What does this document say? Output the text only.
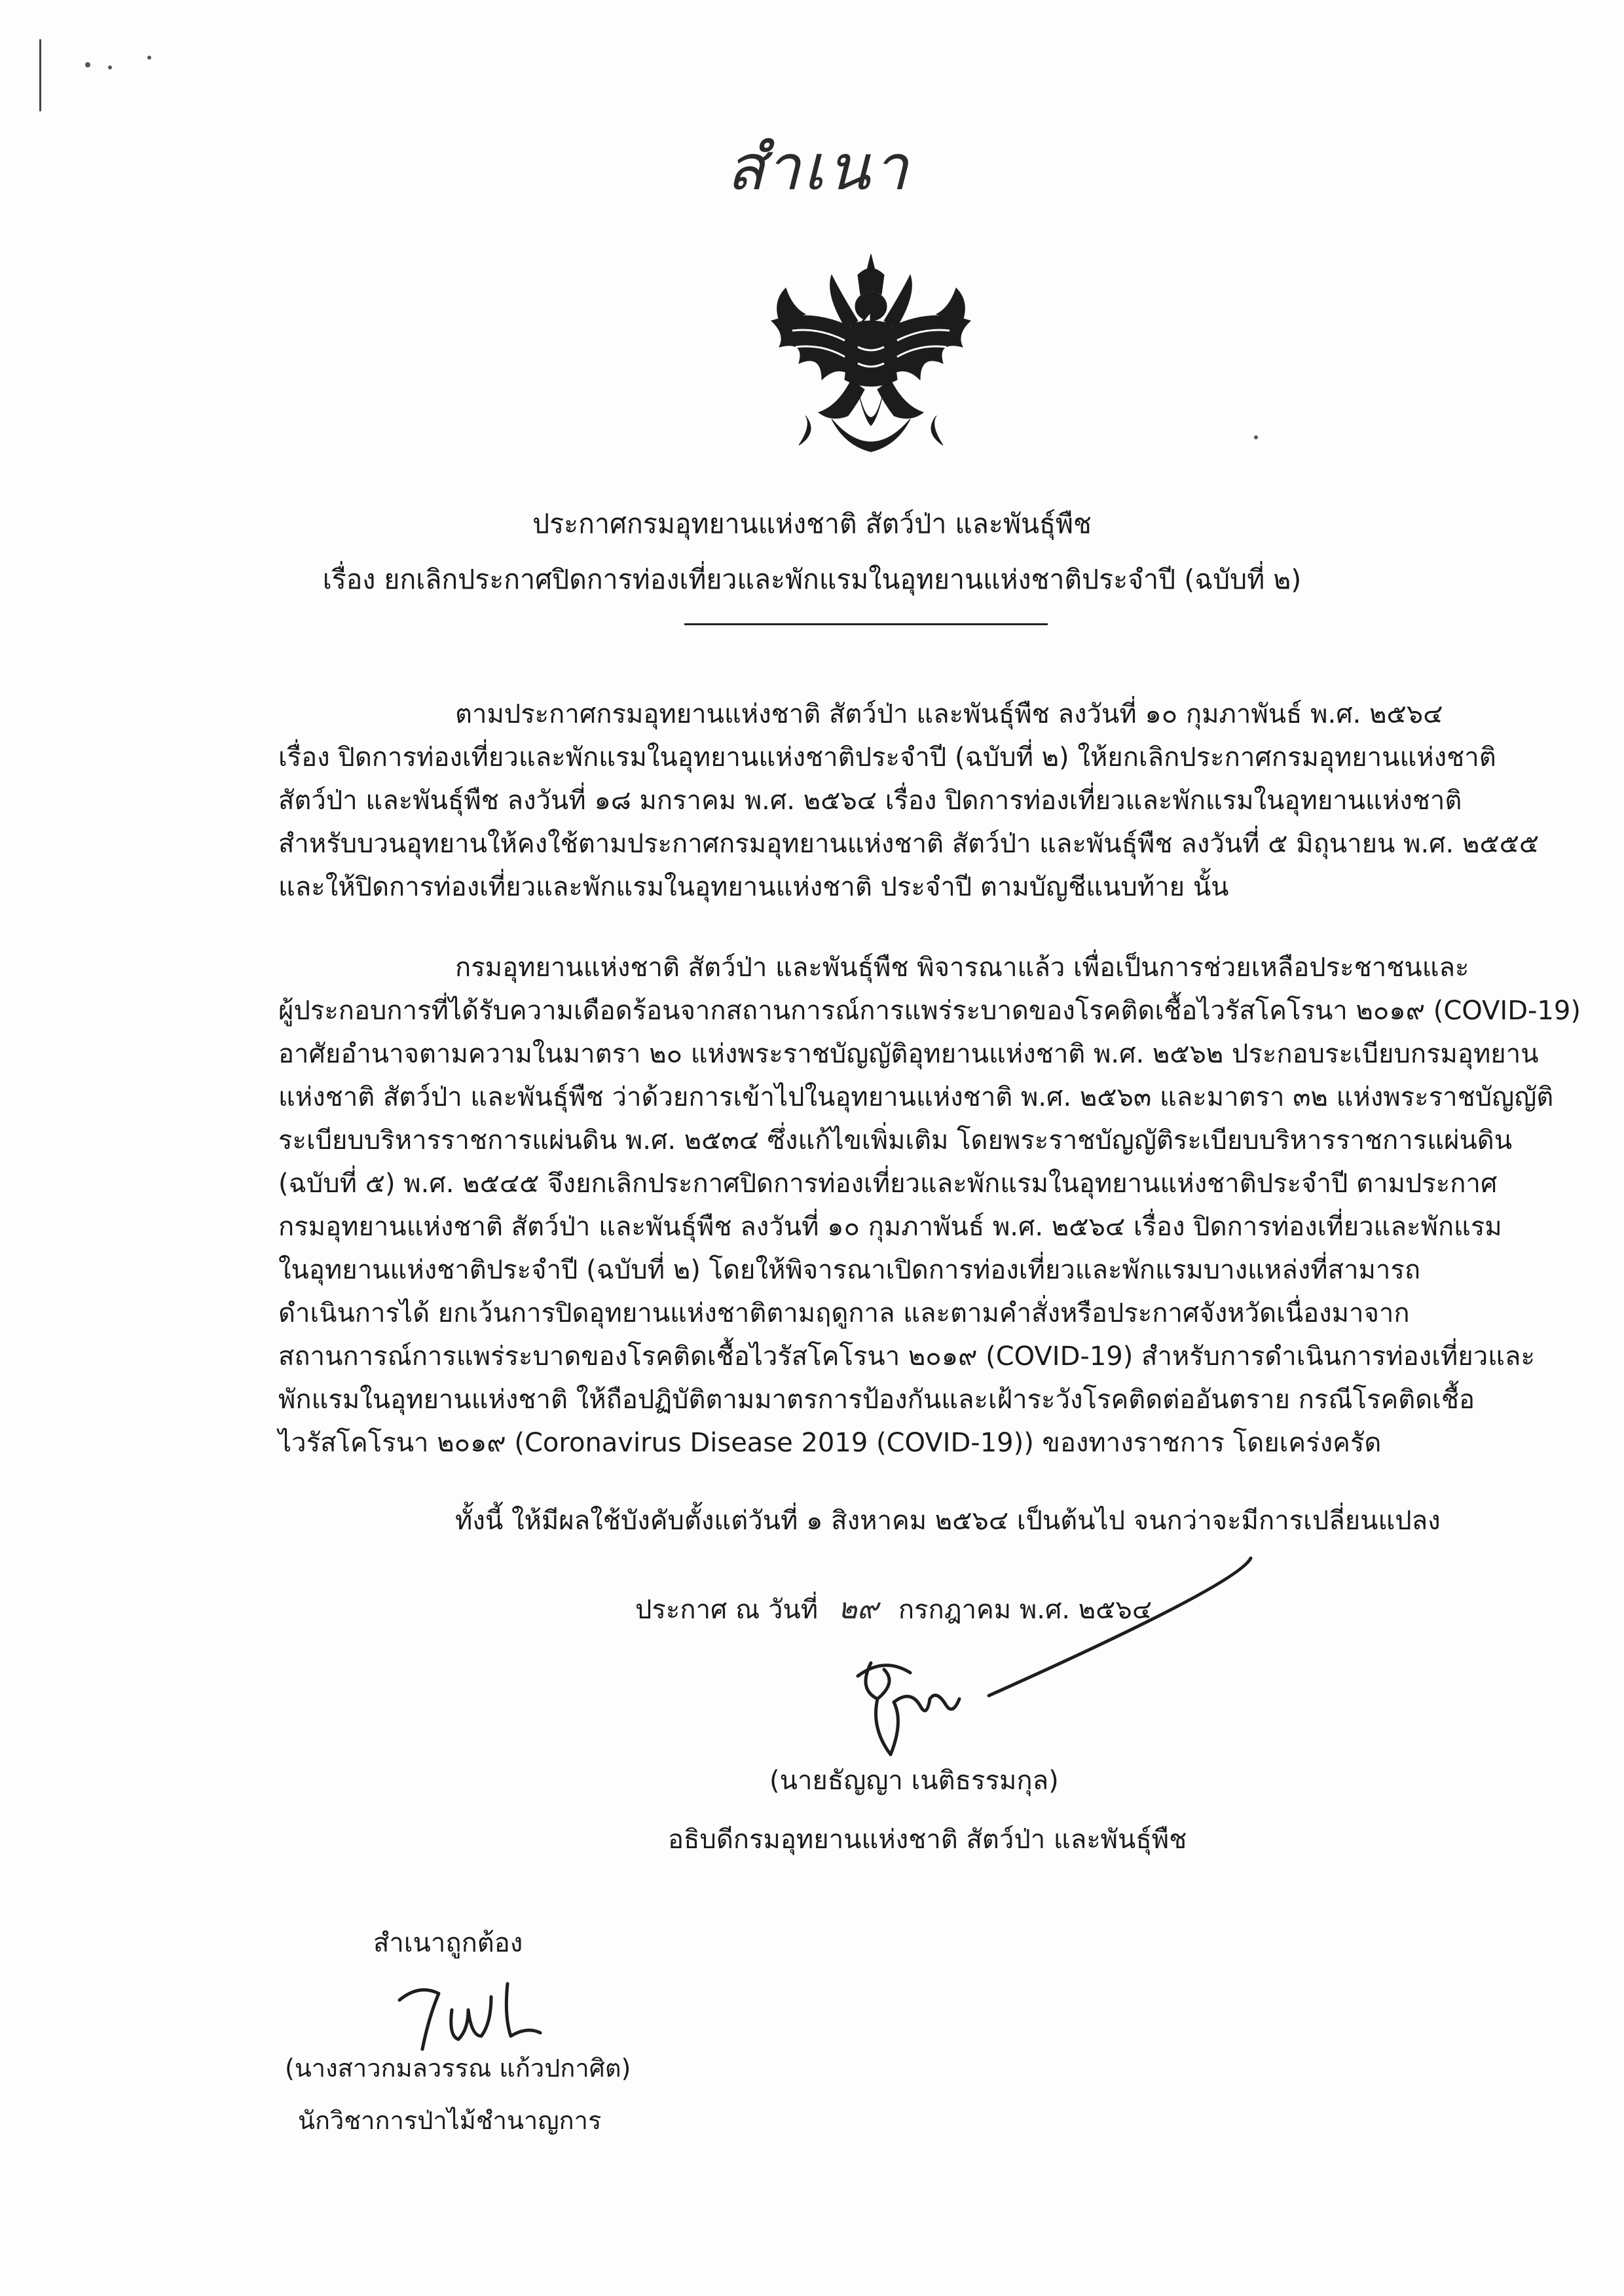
สำเนา
ประกาศกรมอุทยานแห่งชาติ สัตว์ป่า และพันธุ์พืช
เรื่อง ยกเลิกประกาศปิดการท่องเที่ยวและพักแรมในอุทยานแห่งชาติประจำปี (ฉบับที่ ๒)
ตามประกาศกรมอุทยานแห่งชาติ สัตว์ป่า และพันธุ์พืช ลงวันที่ ๑๐ กุมภาพันธ์ พ.ศ. ๒๕๖๔
เรื่อง ปิดการท่องเที่ยวและพักแรมในอุทยานแห่งชาติประจำปี (ฉบับที่ ๒) ให้ยกเลิกประกาศกรมอุทยานแห่งชาติ
สัตว์ป่า และพันธุ์พืช ลงวันที่ ๑๘ มกราคม พ.ศ. ๒๕๖๔ เรื่อง ปิดการท่องเที่ยวและพักแรมในอุทยานแห่งชาติ
สำหรับบวนอุทยานให้คงใช้ตามประกาศกรมอุทยานแห่งชาติ สัตว์ป่า และพันธุ์พืช ลงวันที่ ๕ มิถุนายน พ.ศ. ๒๕๕๕
และให้ปิดการท่องเที่ยวและพักแรมในอุทยานแห่งชาติ ประจำปี ตามบัญชีแนบท้าย นั้น
กรมอุทยานแห่งชาติ สัตว์ป่า และพันธุ์พืช พิจารณาแล้ว เพื่อเป็นการช่วยเหลือประชาชนและ
ผู้ประกอบการที่ได้รับความเดือดร้อนจากสถานการณ์การแพร่ระบาดของโรคติดเชื้อไวรัสโคโรนา ๒๐๑๙ (COVID-19)
อาศัยอำนาจตามความในมาตรา ๒๐ แห่งพระราชบัญญัติอุทยานแห่งชาติ พ.ศ. ๒๕๖๒ ประกอบระเบียบกรมอุทยาน
แห่งชาติ สัตว์ป่า และพันธุ์พืช ว่าด้วยการเข้าไปในอุทยานแห่งชาติ พ.ศ. ๒๕๖๓ และมาตรา ๓๒ แห่งพระราชบัญญัติ
ระเบียบบริหารราชการแผ่นดิน พ.ศ. ๒๕๓๔ ซึ่งแก้ไขเพิ่มเติม โดยพระราชบัญญัติระเบียบบริหารราชการแผ่นดิน
(ฉบับที่ ๕) พ.ศ. ๒๕๔๕ จึงยกเลิกประกาศปิดการท่องเที่ยวและพักแรมในอุทยานแห่งชาติประจำปี ตามประกาศ
กรมอุทยานแห่งชาติ สัตว์ป่า และพันธุ์พืช ลงวันที่ ๑๐ กุมภาพันธ์ พ.ศ. ๒๕๖๔ เรื่อง ปิดการท่องเที่ยวและพักแรม
ในอุทยานแห่งชาติประจำปี (ฉบับที่ ๒) โดยให้พิจารณาเปิดการท่องเที่ยวและพักแรมบางแหล่งที่สามารถ
ดำเนินการได้ ยกเว้นการปิดอุทยานแห่งชาติตามฤดูกาล และตามคำสั่งหรือประกาศจังหวัดเนื่องมาจาก
สถานการณ์การแพร่ระบาดของโรคติดเชื้อไวรัสโคโรนา ๒๐๑๙ (COVID-19) สำหรับการดำเนินการท่องเที่ยวและ
พักแรมในอุทยานแห่งชาติ ให้ถือปฏิบัติตามมาตรการป้องกันและเฝ้าระวังโรคติดต่ออันตราย กรณีโรคติดเชื้อ
ไวรัสโคโรนา ๒๐๑๙ (Coronavirus Disease 2019 (COVID-19)) ของทางราชการ โดยเคร่งครัด
ทั้งนี้ ให้มีผลใช้บังคับตั้งแต่วันที่ ๑ สิงหาคม ๒๕๖๔ เป็นต้นไป จนกว่าจะมีการเปลี่ยนแปลง
ประกาศ ณ วันที่ ๒๙ กรกฎาคม พ.ศ. ๒๕๖๔
(นายธัญญา เนติธรรมกุล)
อธิบดีกรมอุทยานแห่งชาติ สัตว์ป่า และพันธุ์พืช
สำเนาถูกต้อง
(นางสาวกมลวรรณ แก้วปกาศิต)
นักวิชาการป่าไม้ชำนาญการ
